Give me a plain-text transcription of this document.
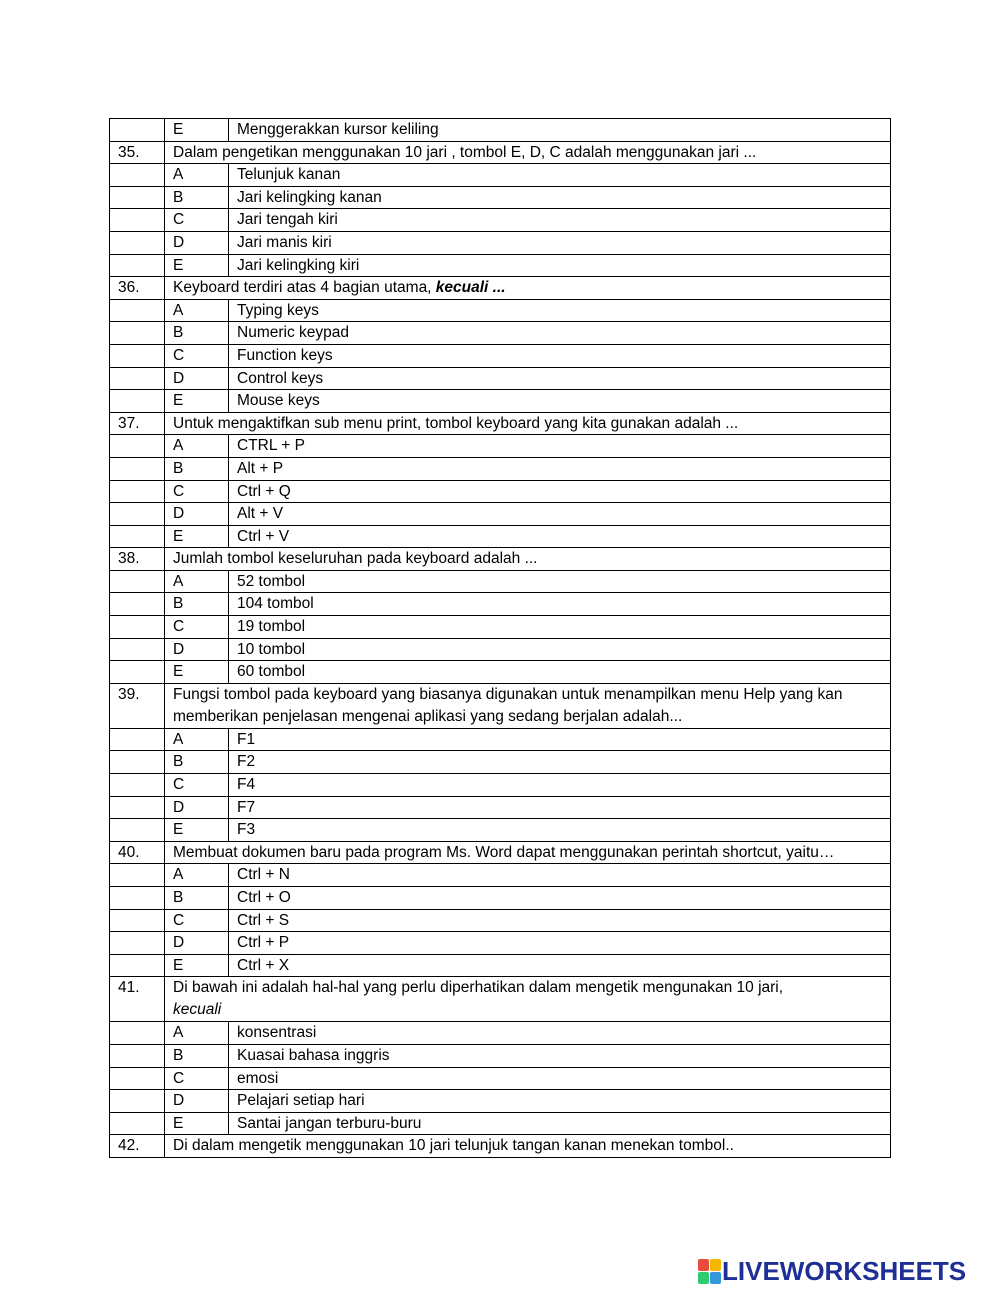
	E	Menggerakkan kursor keliling
35.	Dalam pengetikan menggunakan 10 jari , tombol E, D, C adalah menggunakan jari ...	
	A	Telunjuk kanan
	B	Jari kelingking kanan
	C	Jari tengah kiri
	D	Jari manis kiri
	E	Jari kelingking kiri
36.	Keyboard terdiri atas 4 bagian utama, kecuali ...	
	A	Typing keys
	B	Numeric keypad
	C	Function keys
	D	Control keys
	E	Mouse keys
37.	Untuk mengaktifkan sub menu print, tombol keyboard yang kita gunakan adalah ...	
	A	CTRL + P
	B	Alt + P
	C	Ctrl + Q
	D	Alt + V
	E	Ctrl + V
38.	Jumlah tombol keseluruhan pada keyboard adalah ...	
	A	52 tombol
	B	104 tombol
	C	19 tombol
	D	10 tombol
	E	60 tombol
39.	Fungsi tombol pada keyboard yang biasanya digunakan untuk menampilkan menu Help yang kan memberikan penjelasan mengenai aplikasi yang sedang berjalan adalah...	
	A	F1
	B	F2
	C	F4
	D	F7
	E	F3
40.	Membuat dokumen baru pada program Ms. Word dapat menggunakan perintah shortcut, yaitu…	
	A	Ctrl + N
	B	Ctrl + O
	C	Ctrl + S
	D	Ctrl + P
	E	Ctrl + X
41.	Di bawah ini adalah hal-hal yang perlu diperhatikan dalam mengetik mengunakan 10 jari,
kecuali	

	A	konsentrasi
	B	Kuasai bahasa inggris
	C	emosi
	D	Pelajari setiap hari
	E	Santai jangan terburu-buru
42.	Di dalam mengetik menggunakan 10 jari telunjuk tangan kanan menekan tombol..	
LIVEWORKSHEETS
